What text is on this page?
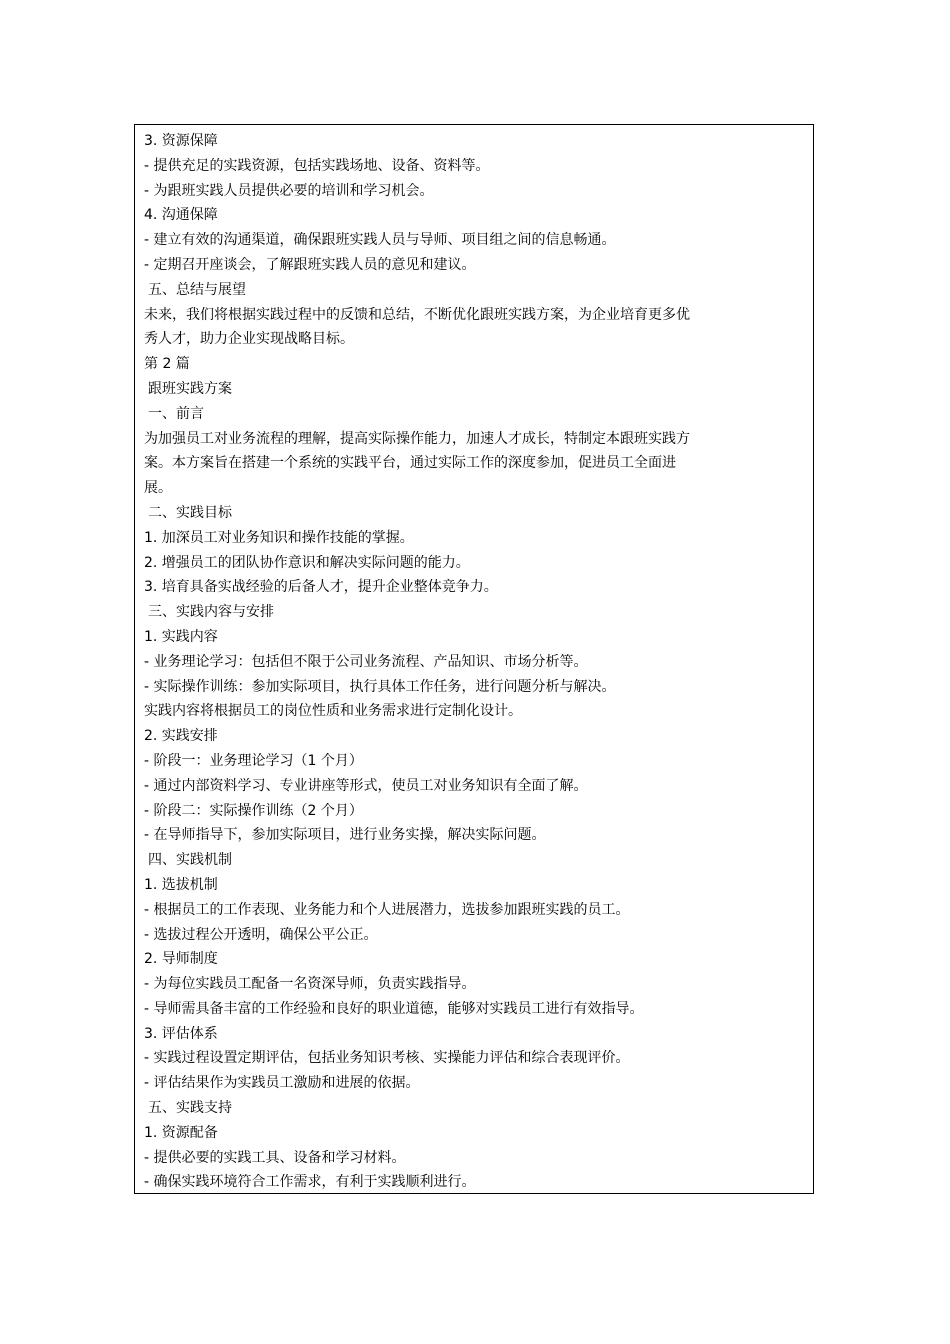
3. 资源保障
- 提供充足的实践资源，包括实践场地、设备、资料等。
- 为跟班实践人员提供必要的培训和学习机会。
4. 沟通保障
- 建立有效的沟通渠道，确保跟班实践人员与导师、项目组之间的信息畅通。
- 定期召开座谈会，了解跟班实践人员的意见和建议。
五、总结与展望
未来，我们将根据实践过程中的反馈和总结，不断优化跟班实践方案，为企业培育更多优
秀人才，助力企业实现战略目标。
第 2 篇
跟班实践方案
一、前言
为加强员工对业务流程的理解，提高实际操作能力，加速人才成长，特制定本跟班实践方
案。本方案旨在搭建一个系统的实践平台，通过实际工作的深度参加，促进员工全面进
展。
二、实践目标
1. 加深员工对业务知识和操作技能的掌握。
2. 增强员工的团队协作意识和解决实际问题的能力。
3. 培育具备实战经验的后备人才，提升企业整体竞争力。
三、实践内容与安排
1. 实践内容
- 业务理论学习：包括但不限于公司业务流程、产品知识、市场分析等。
- 实际操作训练：参加实际项目，执行具体工作任务，进行问题分析与解决。
实践内容将根据员工的岗位性质和业务需求进行定制化设计。
2. 实践安排
- 阶段一：业务理论学习（1 个月）
- 通过内部资料学习、专业讲座等形式，使员工对业务知识有全面了解。
- 阶段二：实际操作训练（2 个月）
- 在导师指导下，参加实际项目，进行业务实操，解决实际问题。
四、实践机制
1. 选拔机制
- 根据员工的工作表现、业务能力和个人进展潜力，选拔参加跟班实践的员工。
- 选拔过程公开透明，确保公平公正。
2. 导师制度
- 为每位实践员工配备一名资深导师，负责实践指导。
- 导师需具备丰富的工作经验和良好的职业道德，能够对实践员工进行有效指导。
3. 评估体系
- 实践过程设置定期评估，包括业务知识考核、实操能力评估和综合表现评价。
- 评估结果作为实践员工激励和进展的依据。
五、实践支持
1. 资源配备
- 提供必要的实践工具、设备和学习材料。
- 确保实践环境符合工作需求，有利于实践顺利进行。
